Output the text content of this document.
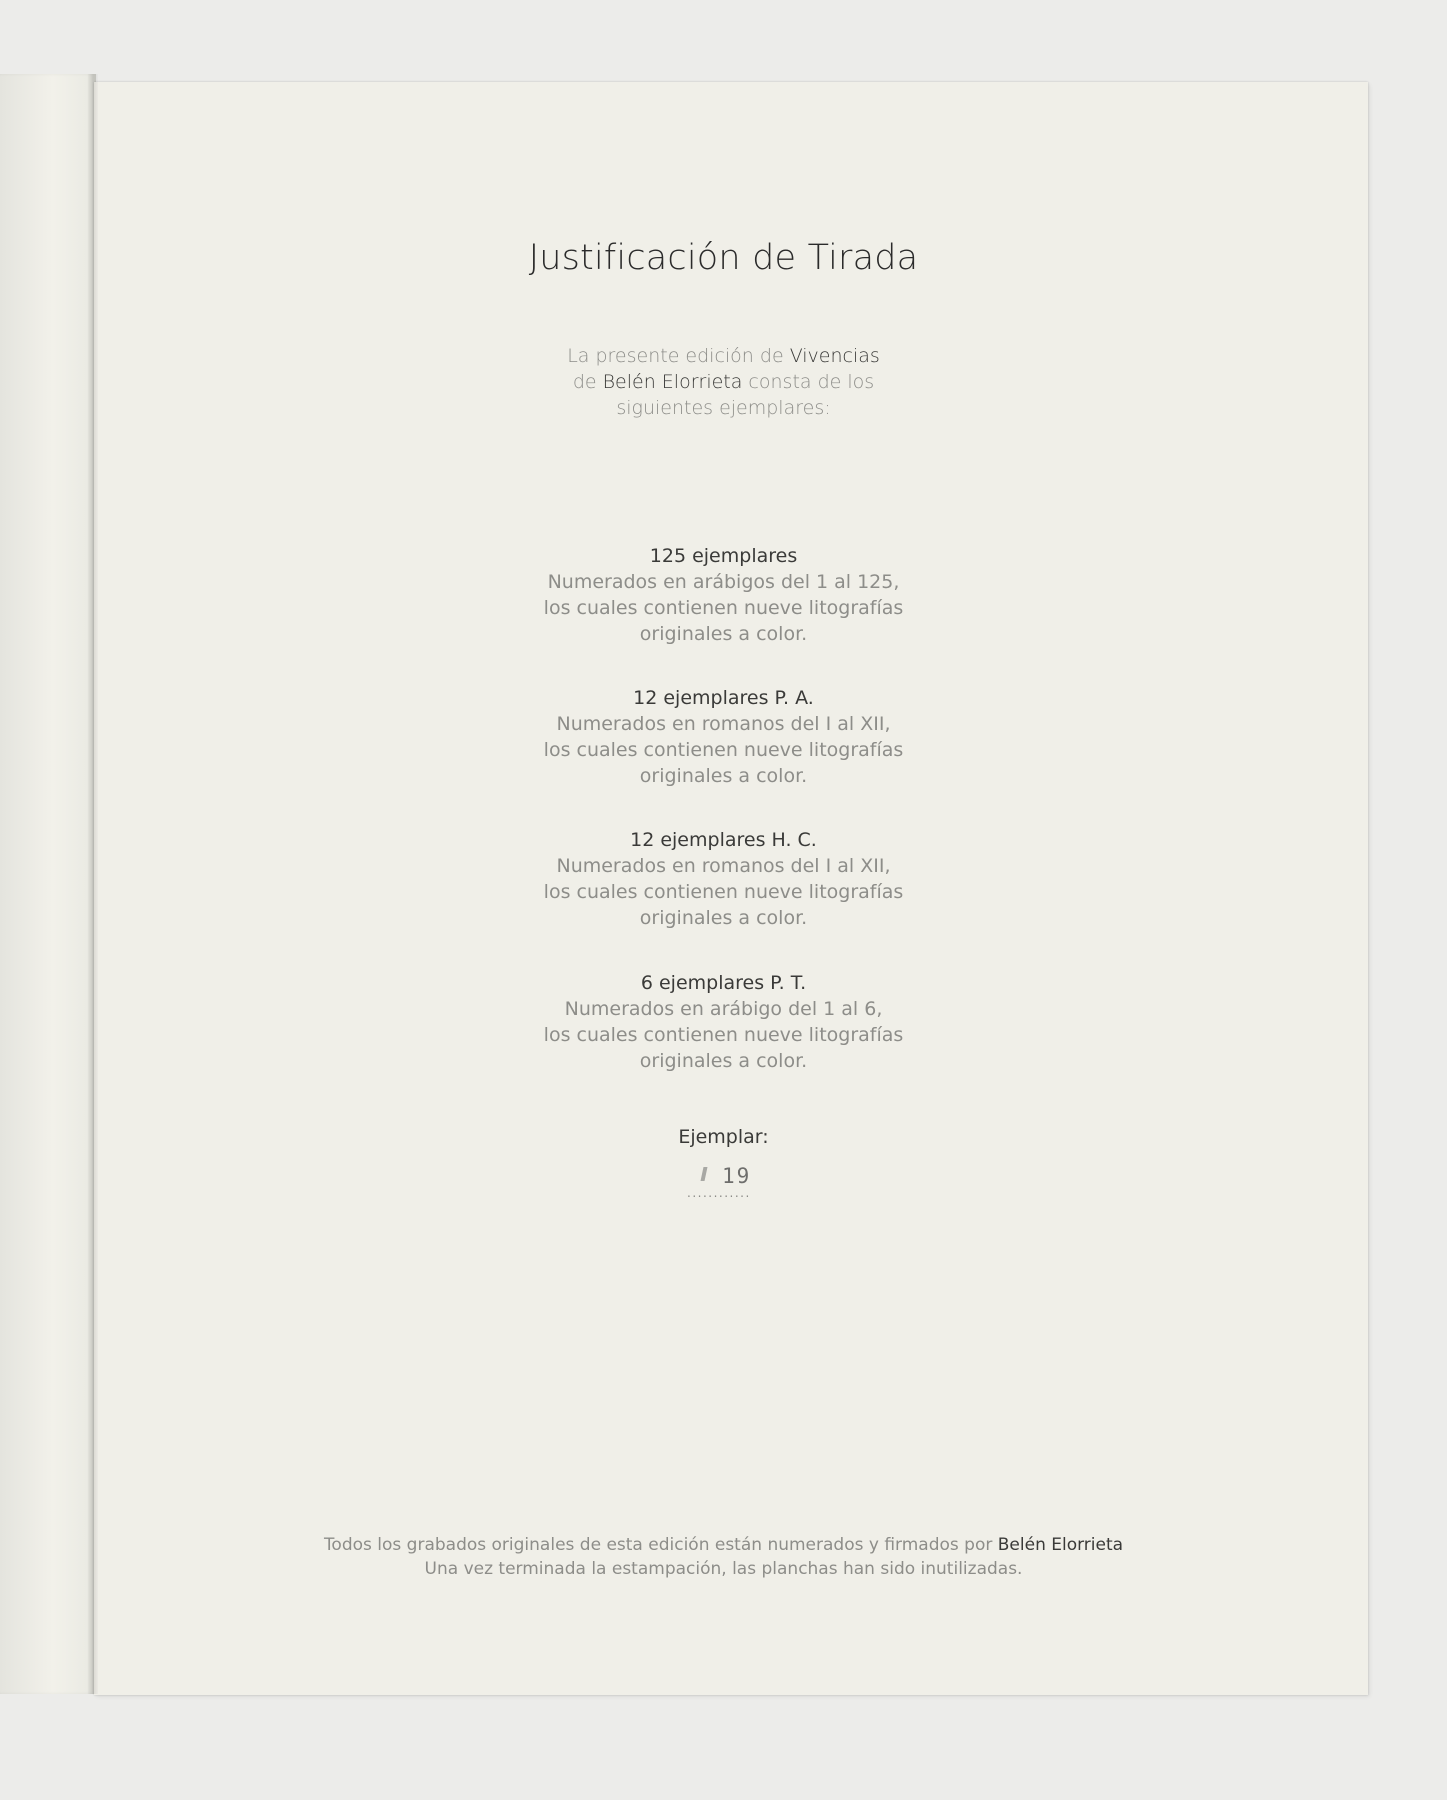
Justificación de Tirada
La presente edición de Vivencias
de Belén Elorrieta consta de los
siguientes ejemplares:
125 ejemplares
Numerados en arábigos del 1 al 125,
los cuales contienen nueve litografías
originales a color.
12 ejemplares P. A.
Numerados en romanos del I al XII,
los cuales contienen nueve litografías
originales a color.
12 ejemplares H. C.
Numerados en romanos del I al XII,
los cuales contienen nueve litografías
originales a color.
6 ejemplares P. T.
Numerados en arábigo del 1 al 6,
los cuales contienen nueve litografías
originales a color.
Ejemplar:
19
............
Todos los grabados originales de esta edición están numerados y firmados por Belén Elorrieta
Una vez terminada la estampación, las planchas han sido inutilizadas.
